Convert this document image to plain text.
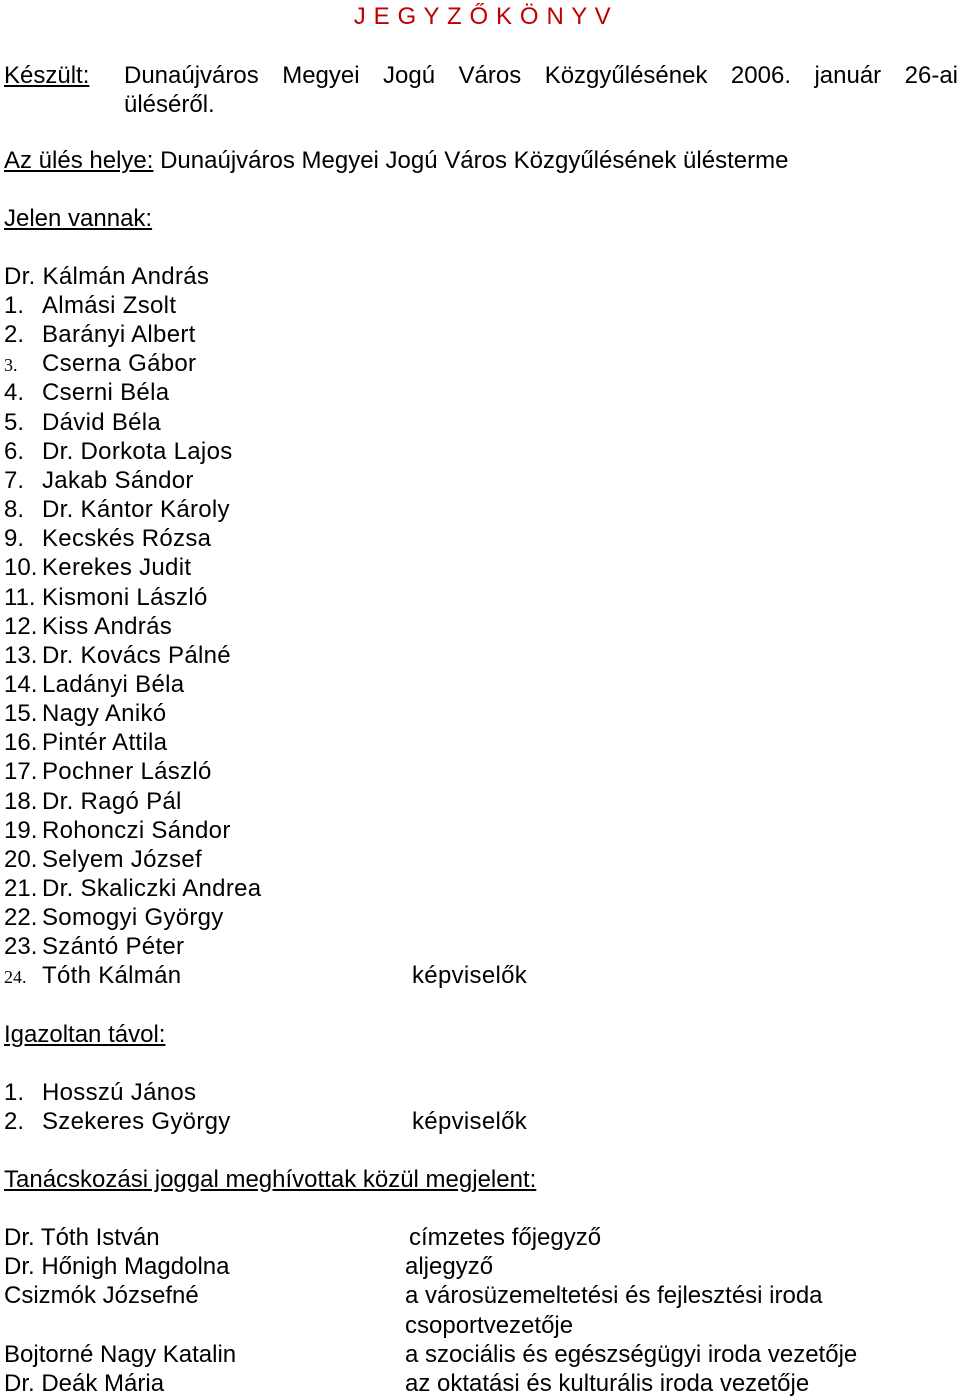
J E G Y Z Ő K Ö N Y V
Készült: Dunaújváros Megyei Jogú Város Közgyűlésének 2006. január 26-ai
üléséről.
Az ülés helye: Dunaújváros Megyei Jogú Város Közgyűlésének ülésterme
Jelen vannak:
Dr. Kálmán András
1. Almási Zsolt
2. Barányi Albert
3. Cserna Gábor
4. Cserni Béla
5. Dávid Béla
6. Dr. Dorkota Lajos
7. Jakab Sándor
8. Dr. Kántor Károly
9. Kecskés Rózsa
10. Kerekes Judit
11. Kismoni László
12. Kiss András
13. Dr. Kovács Pálné
14. Ladányi Béla
15. Nagy Anikó
16. Pintér Attila
17. Pochner László
18. Dr. Ragó Pál
19. Rohonczi Sándor
20. Selyem József
21. Dr. Skaliczki Andrea
22. Somogyi György
23. Szántó Péter
24. Tóth Kálmán	képviselők
Igazoltan távol:
1. Hosszú János
2. Szekeres György	képviselők
Tanácskozási joggal meghívottak közül megjelent:
Dr. Tóth István	címzetes főjegyző
Dr. Hőnigh Magdolna	aljegyző
Csizmók Józsefné	a városüzemeltetési és fejlesztési iroda
csoportvezetője
Bojtorné Nagy Katalin	a szociális és egészségügyi iroda vezetője
Dr. Deák Mária	az oktatási és kulturális iroda vezetője
